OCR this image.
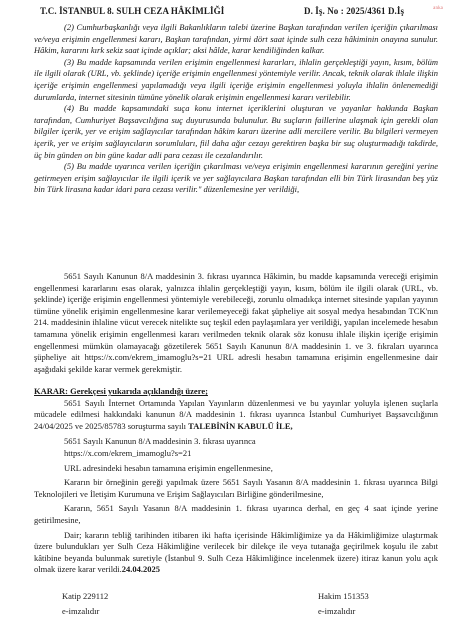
T.C. İSTANBUL 8. SULH CEZA HÂKİMLİĞİ	D. İş. No : 2025/4361 D.İş	anka

(2) Cumhurbaşkanlığı veya ilgili Bakanlıkların talebi üzerine Başkan tarafından verilen içeriğin çıkarılması ve/veya erişimin engellenmesi kararı, Başkan tarafından, yirmi dört saat içinde sulh ceza hâkiminin onayına sunulur. Hâkim, kararını kırk sekiz saat içinde açıklar; aksi hâlde, karar kendiliğinden kalkar.

(3) Bu madde kapsamında verilen erişimin engellenmesi kararları, ihlalin gerçekleştiği yayın, kısım, bölüm ile ilgili olarak (URL, vb. şeklinde) içeriğe erişimin engellenmesi yöntemiyle verilir. Ancak, teknik olarak ihlale ilişkin içeriğe erişimin engellenmesi yapılamadığı veya ilgili içeriğe erişimin engellenmesi yoluyla ihlalin önlenemediği durumlarda, internet sitesinin tümüne yönelik olarak erişimin engellenmesi kararı verilebilir.

(4) Bu madde kapsamındaki suça konu internet içeriklerini oluşturan ve yayanlar hakkında Başkan tarafından, Cumhuriyet Başsavcılığına suç duyurusunda bulunulur. Bu suçların faillerine ulaşmak için gerekli olan bilgiler içerik, yer ve erişim sağlayıcılar tarafından hâkim kararı üzerine adli mercilere verilir. Bu bilgileri vermeyen içerik, yer ve erişim sağlayıcıların sorumluları, fiil daha ağır cezayı gerektiren başka bir suç oluşturmadığı takdirde, üç bin günden on bin güne kadar adli para cezası ile cezalandırılır.

(5) Bu madde uyarınca verilen içeriğin çıkarılması ve/veya erişimin engellenmesi kararının gereğini yerine getirmeyen erişim sağlayıcılar ile ilgili içerik ve yer sağlayıcılara Başkan tarafından elli bin Türk lirasından beş yüz bin Türk lirasına kadar idari para cezası verilir." düzenlemesine yer verildiği,

5651 Sayılı Kanunun 8/A maddesinin 3. fıkrası uyarınca Hâkimin, bu madde kapsamında vereceği erişimin engellenmesi kararlarını esas olarak, yalnızca ihlalin gerçekleştiği yayın, kısım, bölüm ile ilgili olarak (URL, vb. şeklinde) içeriğe erişimin engellenmesi yöntemiyle verebileceği, zorunlu olmadıkça internet sitesinde yapılan yayının tümüne yönelik erişimin engellenmesine karar verilemeyeceği fakat şüpheliye ait sosyal medya hesabından TCK'nın 214. maddesinin ihlaline vücut verecek nitelikte suç teşkil eden paylaşımlara yer verildiği, yapılan incelemede hesabın tamamına yönelik erişimin engellenmesi kararı verilmeden teknik olarak söz konusu ihlale ilişkin içeriğe erişimin engellenmesi mümkün olamayacağı gözetilerek 5651 Sayılı Kanunun 8/A maddesinin 1. ve 3. fıkraları uyarınca şüpheliye ait https://x.com/ekrem_imamoglu?s=21 URL adresli hesabın tamamına erişimin engellenmesine dair aşağıdaki şekilde karar vermek gerekmiştir.

KARAR: Gerekçesi yukarıda açıklandığı üzere;

5651 Sayılı İnternet Ortamında Yapılan Yayınların düzenlenmesi ve bu yayınlar yoluyla işlenen suçlarla mücadele edilmesi hakkındaki kanunun 8/A maddesinin 1. fıkrası uyarınca İstanbul Cumhuriyet Başsavcılığının 24/04/2025 ve 2025/85783 soruşturma sayılı TALEBİNİN KABULÜ İLE,

5651 Sayılı Kanunun 8/A maddesinin 3. fıkrası uyarınca

https://x.com/ekrem_imamoglu?s=21

URL adresindeki hesabın tamamına erişimin engellenmesine,

Kararın bir örneğinin gereği yapılmak üzere 5651 Sayılı Yasanın 8/A maddesinin 1. fıkrası uyarınca Bilgi Teknolojileri ve İletişim Kurumuna ve Erişim Sağlayıcıları Birliğine gönderilmesine,

Kararın, 5651 Sayılı Yasanın 8/A maddesinin 1. fıkrası uyarınca derhal, en geç 4 saat içinde yerine getirilmesine,

Dair; kararın tebliğ tarihinden itibaren iki hafta içerisinde Hâkimliğimize ya da Hâkimliğimize ulaştırmak üzere bulundukları yer Sulh Ceza Hâkimliğine verilecek bir dilekçe ile veya tutanağa geçirilmek koşulu ile zabıt kâtibine beyanda bulunmak suretiyle (İstanbul 9. Sulh Ceza Hâkimliğince incelenmek üzere) itiraz kanun yolu açık olmak üzere karar verildi.24.04.2025

Katip 229112
e-imzalıdır
Hakim 151353
e-imzalıdır
